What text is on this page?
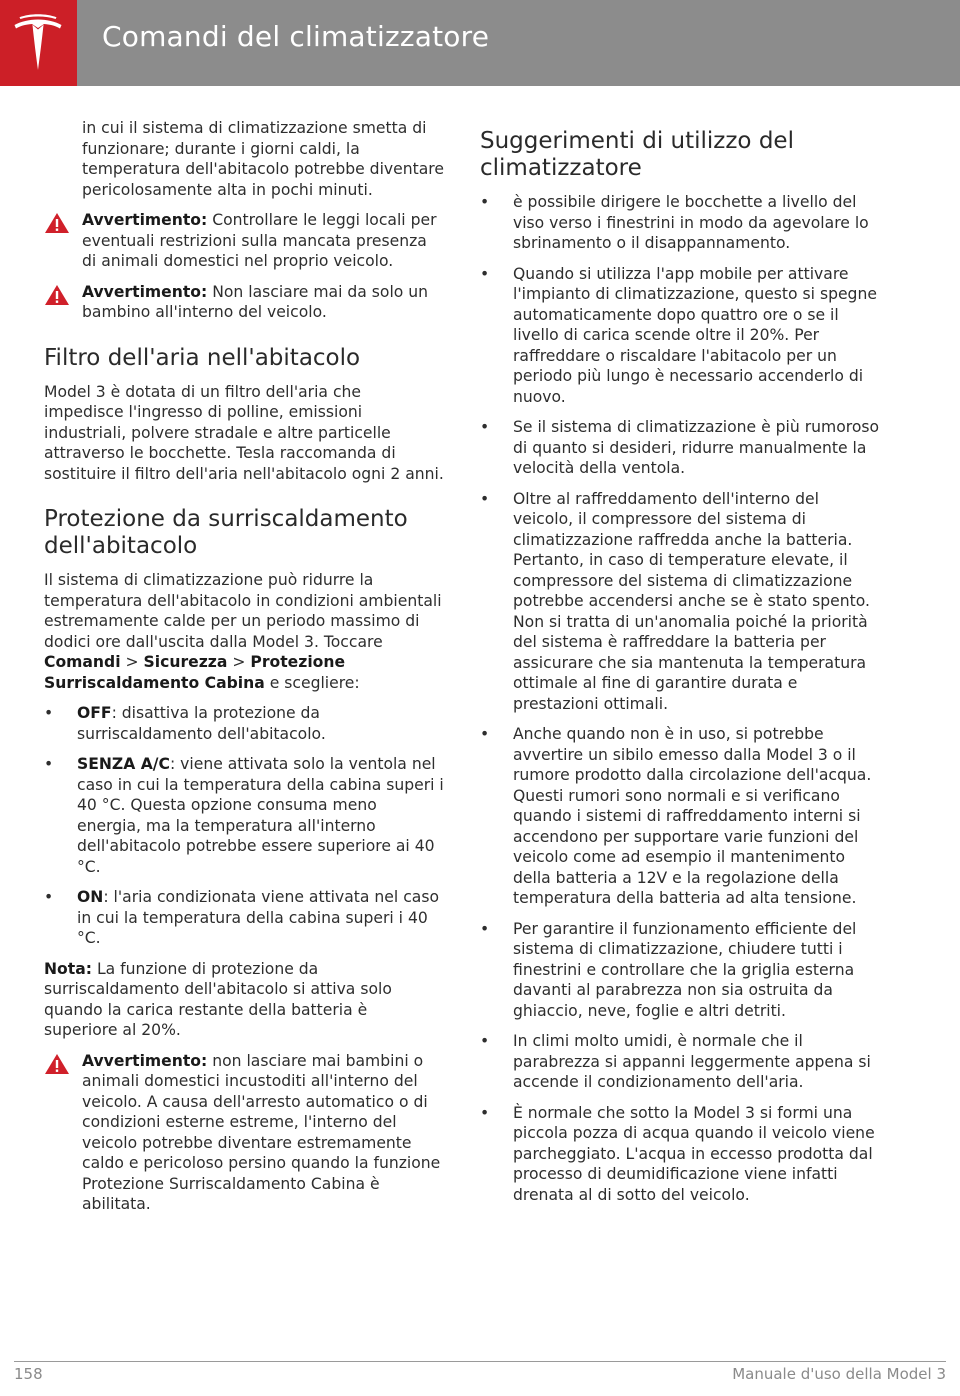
Comandi del climatizzatore

in cui il sistema di climatizzazione smetta di funzionare; durante i giorni caldi, la temperatura dell'abitacolo potrebbe diventare pericolosamente alta in pochi minuti.

Avvertimento: Controllare le leggi locali per eventuali restrizioni sulla mancata presenza di animali domestici nel proprio veicolo.
Avvertimento: Non lasciare mai da solo un bambino all'interno del veicolo.
Filtro dell'aria nell'abitacolo

Model 3 è dotata di un filtro dell'aria che impedisce l'ingresso di polline, emissioni industriali, polvere stradale e altre particelle attraverso le bocchette. Tesla raccomanda di sostituire il filtro dell'aria nell'abitacolo ogni 2 anni.

Protezione da surriscaldamento dell'abitacolo

Il sistema di climatizzazione può ridurre la temperatura dell'abitacolo in condizioni ambientali estremamente calde per un periodo massimo di dodici ore dall'uscita dalla Model 3. Toccare Comandi > Sicurezza > Protezione Surriscaldamento Cabina e scegliere:

• OFF: disattiva la protezione da surriscaldamento dell'abitacolo.
• SENZA A/C: viene attivata solo la ventola nel caso in cui la temperatura della cabina superi i 40 °C. Questa opzione consuma meno energia, ma la temperatura all'interno dell'abitacolo potrebbe essere superiore ai 40 °C.
• ON: l'aria condizionata viene attivata nel caso in cui la temperatura della cabina superi i 40 °C.

Nota: La funzione di protezione da surriscaldamento dell'abitacolo si attiva solo quando la carica restante della batteria è superiore al 20%.

Avvertimento: non lasciare mai bambini o animali domestici incustoditi all'interno del veicolo. A causa dell'arresto automatico o di condizioni esterne estreme, l'interno del veicolo potrebbe diventare estremamente caldo e pericoloso persino quando la funzione Protezione Surriscaldamento Cabina è abilitata.
Suggerimenti di utilizzo del climatizzatore
• è possibile dirigere le bocchette a livello del viso verso i finestrini in modo da agevolare lo sbrinamento o il disappannamento.
• Quando si utilizza l'app mobile per attivare l'impianto di climatizzazione, questo si spegne automaticamente dopo quattro ore o se il livello di carica scende oltre il 20%. Per raffreddare o riscaldare l'abitacolo per un periodo più lungo è necessario accenderlo di nuovo.
• Se il sistema di climatizzazione è più rumoroso di quanto si desideri, ridurre manualmente la velocità della ventola.
• Oltre al raffreddamento dell'interno del veicolo, il compressore del sistema di climatizzazione raffredda anche la batteria. Pertanto, in caso di temperature elevate, il compressore del sistema di climatizzazione potrebbe accendersi anche se è stato spento. Non si tratta di un'anomalia poiché la priorità del sistema è raffreddare la batteria per assicurare che sia mantenuta la temperatura ottimale al fine di garantire durata e prestazioni ottimali.
• Anche quando non è in uso, si potrebbe avvertire un sibilo emesso dalla Model 3 o il rumore prodotto dalla circolazione dell'acqua. Questi rumori sono normali e si verificano quando i sistemi di raffreddamento interni si accendono per supportare varie funzioni del veicolo come ad esempio il mantenimento della batteria a 12V e la regolazione della temperatura della batteria ad alta tensione.
• Per garantire il funzionamento efficiente del sistema di climatizzazione, chiudere tutti i finestrini e controllare che la griglia esterna davanti al parabrezza non sia ostruita da ghiaccio, neve, foglie e altri detriti.
• In climi molto umidi, è normale che il parabrezza si appanni leggermente appena si accende il condizionamento dell'aria.
• È normale che sotto la Model 3 si formi una piccola pozza di acqua quando il veicolo viene parcheggiato. L'acqua in eccesso prodotta dal processo di deumidificazione viene infatti drenata al di sotto del veicolo.
158	Manuale d'uso della Model 3
